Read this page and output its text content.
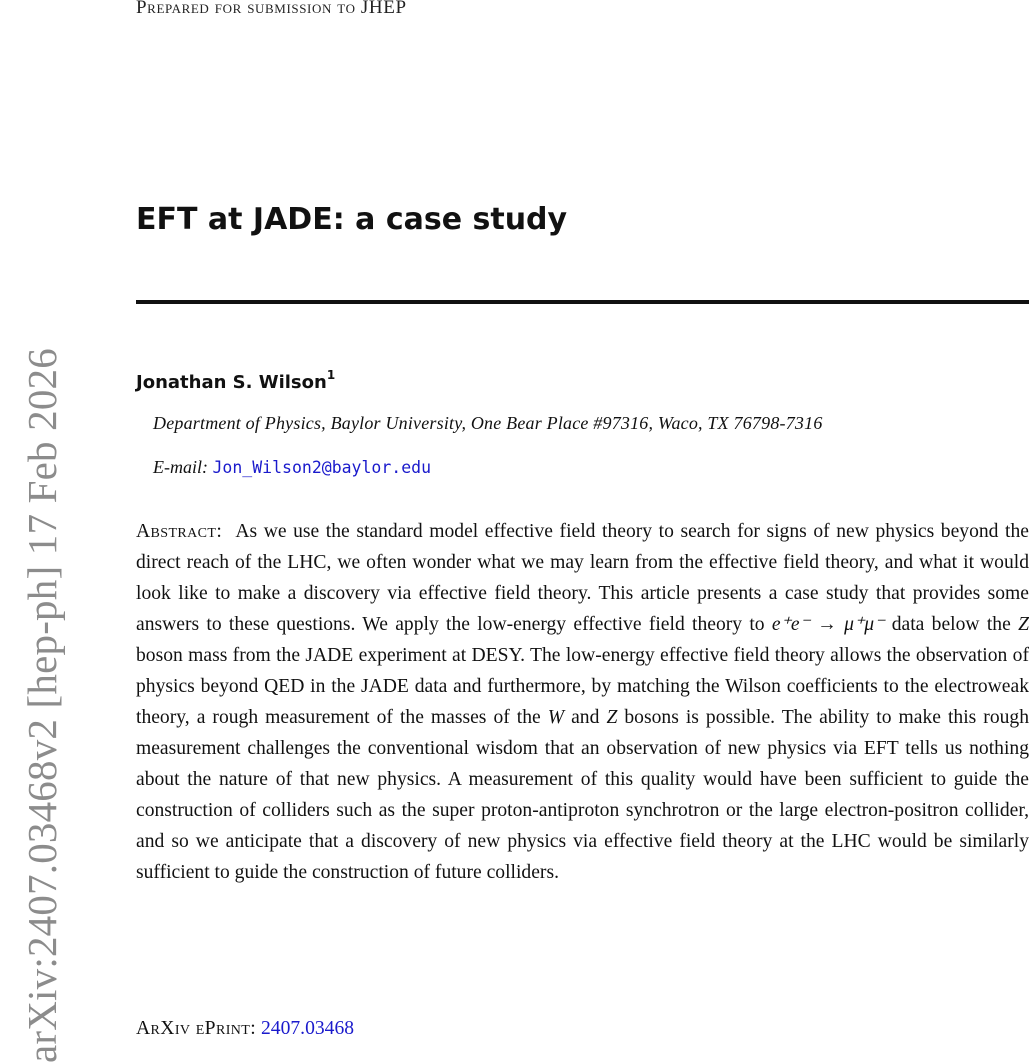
arXiv:2407.03468v2 [hep-ph] 17 Feb 2026
Prepared for submission to JHEP
EFT at JADE: a case study
Jonathan S. Wilson$^1$
Department of Physics, Baylor University, One Bear Place #97316, Waco, TX 76798-7316
E-mail: Jon_Wilson2@baylor.edu

Abstract: As we use the standard model effective field theory to search for signs of new physics beyond the direct reach of the LHC, we often wonder what we may learn from the effective field theory, and what it would look like to make a discovery via effective field theory. This article presents a case study that provides some answers to these questions. We apply the low-energy effective field theory to e⁺e⁻ → μ⁺μ⁻ data below the Z boson mass from the JADE experiment at DESY. The low-energy effective field theory allows the observation of physics beyond QED in the JADE data and furthermore, by matching the Wilson coefficients to the electroweak theory, a rough measurement of the masses of the W and Z bosons is possible. The ability to make this rough measurement challenges the conventional wisdom that an observation of new physics via EFT tells us nothing about the nature of that new physics. A measurement of this quality would have been sufficient to guide the construction of colliders such as the super proton-antiproton synchrotron or the large electron-positron collider, and so we anticipate that a discovery of new physics via effective field theory at the LHC would be similarly sufficient to guide the construction of future colliders.

ArXiv ePrint: 2407.03468
